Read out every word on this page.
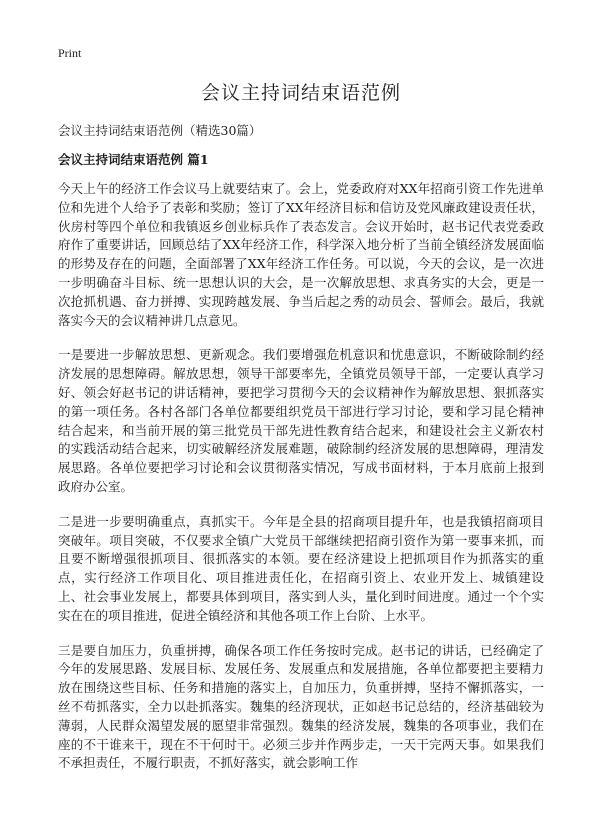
Print
会议主持词结束语范例

会议主持词结束语范例（精选30篇）

会议主持词结束语范例 篇1

今天上午的经济工作会议马上就要结束了。会上，党委政府对XX年招商引资工作先进单位和先进个人给予了表彰和奖励；签订了XX年经济目标和信访及党风廉政建设责任状，伙房村等四个单位和我镇返乡创业标兵作了表态发言。会议开始时，赵书记代表党委政府作了重要讲话，回顾总结了XX年经济工作，科学深入地分析了当前全镇经济发展面临的形势及存在的问题，全面部署了XX年经济工作任务。可以说，今天的会议，是一次进一步明确奋斗目标、统一思想认识的大会，是一次解放思想、求真务实的大会，更是一次抢抓机遇、奋力拼搏、实现跨越发展、争当后起之秀的动员会、誓师会。最后，我就落实今天的会议精神讲几点意见。

一是要进一步解放思想、更新观念。我们要增强危机意识和忧患意识，不断破除制约经济发展的思想障碍。解放思想，领导干部要率先，全镇党员领导干部，一定要认真学习好、领会好赵书记的讲话精神，要把学习贯彻今天的会议精神作为解放思想、狠抓落实的第一项任务。各村各部门各单位都要组织党员干部进行学习讨论，要和学习昆仑精神结合起来，和当前开展的第三批党员干部先进性教育结合起来，和建设社会主义新农村的实践活动结合起来，切实破解经济发展难题，破除制约经济发展的思想障碍，理清发展思路。各单位要把学习讨论和会议贯彻落实情况，写成书面材料，于本月底前上报到政府办公室。

二是进一步要明确重点，真抓实干。今年是全县的招商项目提升年，也是我镇招商项目突破年。项目突破，不仅要求全镇广大党员干部继续把招商引资作为第一要事来抓，而且要不断增强很抓项目、很抓落实的本领。要在经济建设上把抓项目作为抓落实的重点，实行经济工作项目化、项目推进责任化，在招商引资上、农业开发上、城镇建设上、社会事业发展上，都要具体到项目，落实到人头，量化到时间进度。通过一个个实实在在的项目推进，促进全镇经济和其他各项工作上台阶、上水平。

三是要自加压力，负重拼搏，确保各项工作任务按时完成。赵书记的讲话，已经确定了今年的发展思路、发展目标、发展任务、发展重点和发展措施，各单位都要把主要精力放在围绕这些目标、任务和措施的落实上，自加压力，负重拼搏，坚持不懈抓落实，一丝不苟抓落实，全力以赴抓落实。魏集的经济现状，正如赵书记总结的，经济基础较为薄弱，人民群众渴望发展的愿望非常强烈。魏集的经济发展，魏集的各项事业，我们在座的不干谁来干，现在不干何时干。必须三步并作两步走，一天干完两天事。如果我们不承担责任，不履行职责，不抓好落实，就会影响工作
